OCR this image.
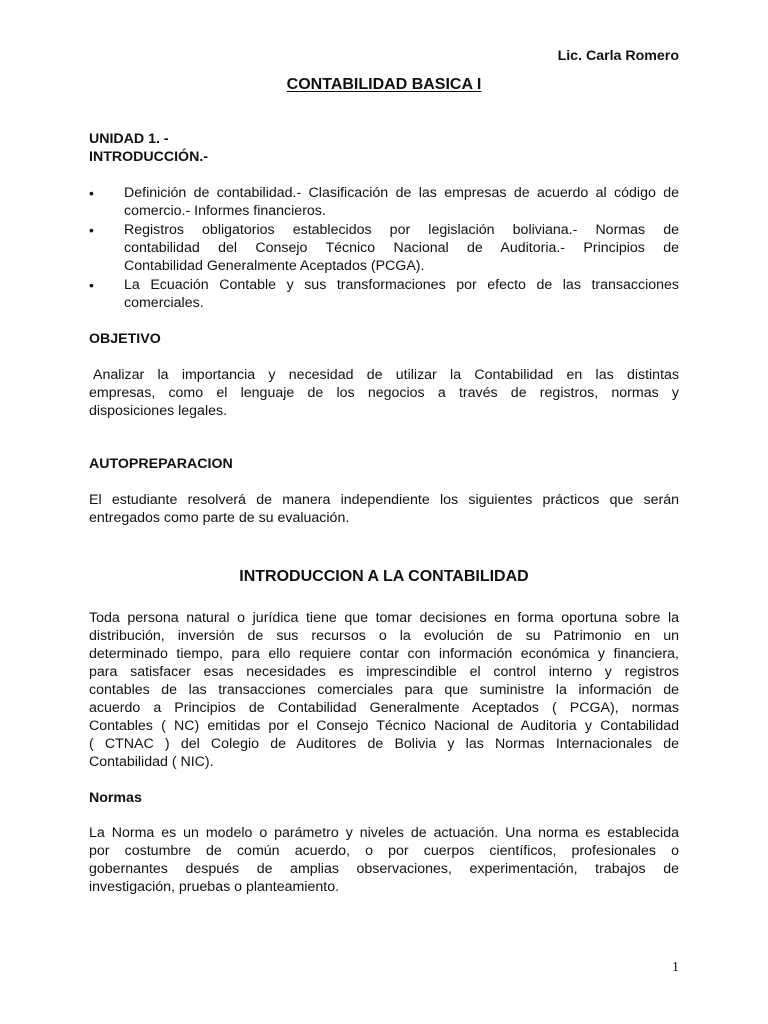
Lic. Carla Romero
CONTABILIDAD BASICA I
UNIDAD 1. -
INTRODUCCIÓN.-
•	Definición de contabilidad.- Clasificación de las empresas de acuerdo al código de
comercio.- Informes financieros.
•	Registros obligatorios establecidos por legislación boliviana.- Normas de
contabilidad del Consejo Técnico Nacional de Auditoria.- Principios de
Contabilidad Generalmente Aceptados (PCGA).
•	La Ecuación Contable y sus transformaciones por efecto de las transacciones
comerciales.
OBJETIVO
Analizar la importancia y necesidad de utilizar la Contabilidad en las distintas
empresas, como el lenguaje de los negocios a través de registros, normas y
disposiciones legales.
AUTOPREPARACION
El estudiante resolverá de manera independiente los siguientes prácticos que serán
entregados como parte de su evaluación.
INTRODUCCION A LA CONTABILIDAD
Toda persona natural o jurídica tiene que tomar decisiones en forma oportuna sobre la
distribución, inversión de sus recursos o la evolución de su Patrimonio en un
determinado tiempo, para ello requiere contar con información económica y financiera,
para satisfacer esas necesidades es imprescindible el control interno y registros
contables de las transacciones comerciales para que suministre la información de
acuerdo a Principios de Contabilidad Generalmente Aceptados ( PCGA), normas
Contables ( NC) emitidas por el Consejo Técnico Nacional de Auditoria y Contabilidad
( CTNAC ) del Colegio de Auditores de Bolivia y las Normas Internacionales de
Contabilidad ( NIC).
Normas
La Norma es un modelo o parámetro y niveles de actuación. Una norma es establecida
por costumbre de común acuerdo, o por cuerpos científicos, profesionales o
gobernantes después de amplias observaciones, experimentación, trabajos de
investigación, pruebas o planteamiento.
1
